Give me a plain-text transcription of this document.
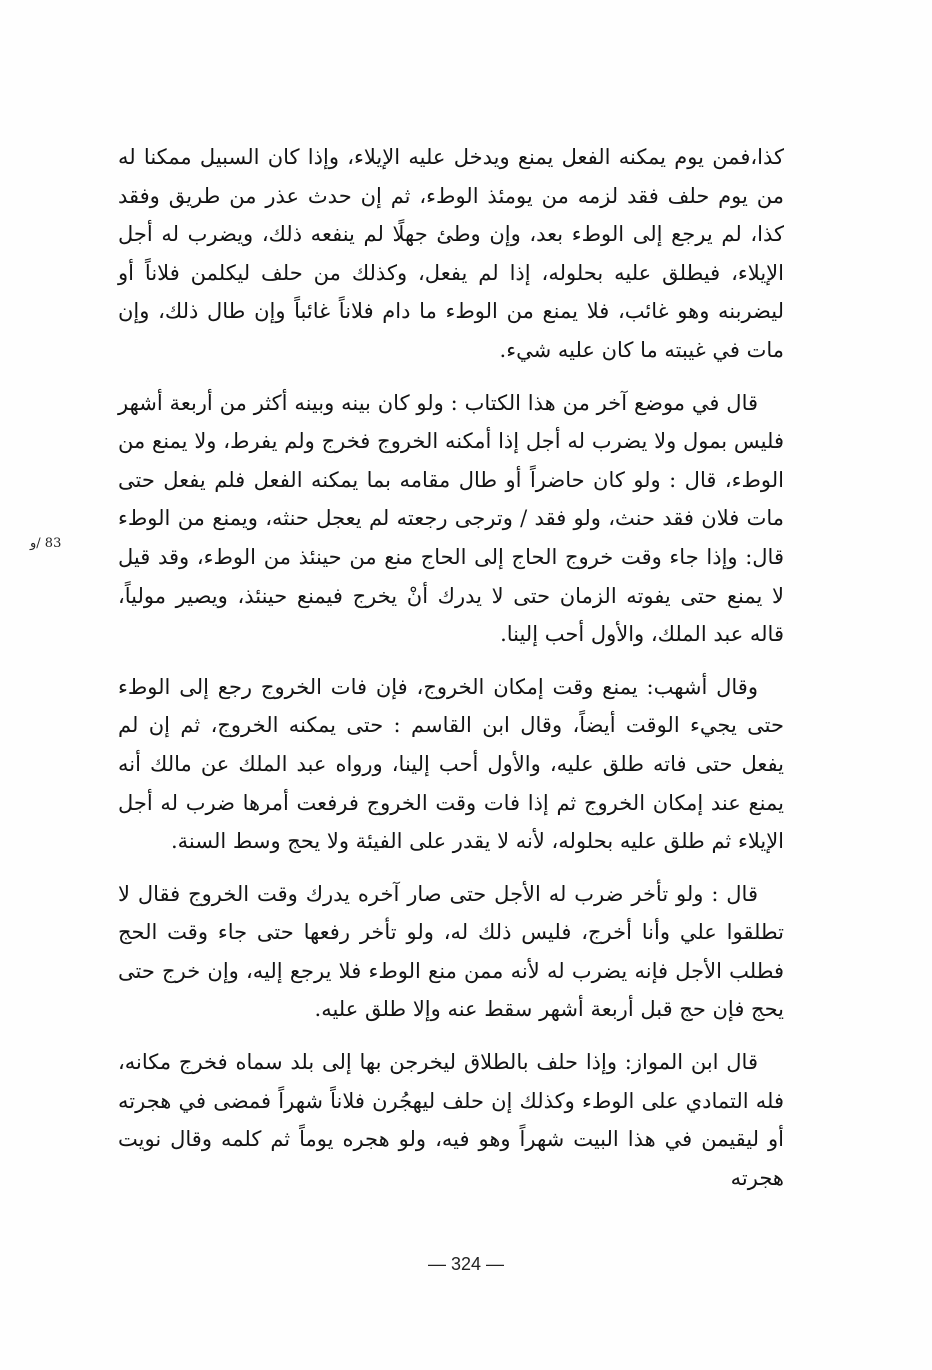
83 /و

كذا،فمن يوم يمكنه الفعل يمنع ويدخل عليه الإيلاء، وإذا كان السبيل ممكنا له من يوم حلف فقد لزمه من يومئذ الوطء، ثم إن حدث عذر من طريق وفقد كذا، لم يرجع إلى الوطء بعد، وإن وطئ جهلًا لم ينفعه ذلك، ويضرب له أجل الإيلاء، فيطلق عليه بحلوله، إذا لم يفعل، وكذلك من حلف ليكلمن فلاناً أو ليضربنه وهو غائب، فلا يمنع من الوطء ما دام فلاناً غائباً وإن طال ذلك، وإن مات في غيبته ما كان عليه شيء.

قال في موضع آخر من هذا الكتاب : ولو كان بينه وبينه أكثر من أربعة أشهر فليس بمول ولا يضرب له أجل إذا أمكنه الخروج فخرج ولم يفرط، ولا يمنع من الوطء، قال : ولو كان حاضراً أو طال مقامه بما يمكنه الفعل فلم يفعل حتى مات فلان فقد حنث، ولو فقد / وترجى رجعته لم يعجل حنثه، ويمنع من الوطء قال: وإذا جاء وقت خروج الحاج إلى الحاج منع من حينئذ من الوطء، وقد قيل لا يمنع حتى يفوته الزمان حتى لا يدرك أنْ يخرج فيمنع حينئذ، ويصير مولياً، قاله عبد الملك، والأول أحب إلينا.

وقال أشهب: يمنع وقت إمكان الخروج، فإن فات الخروج رجع إلى الوطء حتى يجيء الوقت أيضاً، وقال ابن القاسم : حتى يمكنه الخروج، ثم إن لم يفعل حتى فاته طلق عليه، والأول أحب إلينا، ورواه عبد الملك عن مالك أنه يمنع عند إمكان الخروج ثم إذا فات وقت الخروج فرفعت أمرها ضرب له أجل الإيلاء ثم طلق عليه بحلوله، لأنه لا يقدر على الفيئة ولا يحج وسط السنة.

قال : ولو تأخر ضرب له الأجل حتى صار آخره يدرك وقت الخروج فقال لا تطلقوا علي وأنا أخرج، فليس ذلك له، ولو تأخر رفعها حتى جاء وقت الحج فطلب الأجل فإنه يضرب له لأنه ممن منع الوطء فلا يرجع إليه، وإن خرج حتى يحج فإن حج قبل أربعة أشهر سقط عنه وإلا طلق عليه.

قال ابن المواز: وإذا حلف بالطلاق ليخرجن بها إلى بلد سماه فخرج مكانه، فله التمادي على الوطء وكذلك إن حلف ليهجُرن فلاناً شهراً فمضى في هجرته أو ليقيمن في هذا البيت شهراً وهو فيه، ولو هجره يوماً ثم كلمه وقال نويت هجرته

— 324 —
